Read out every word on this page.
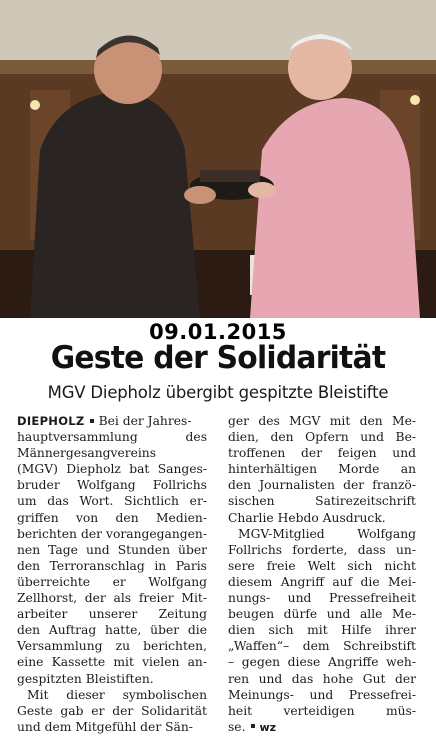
09.01.2015
Geste der Solidarität
MGV Diepholz übergibt gespitzte Bleistifte
DIEPHOLZ Bei der Jahres-
hauptversammlung des
Männergesangvereins
(MGV) Diepholz bat Sanges-
bruder Wolfgang Follrichs
um das Wort. Sichtlich er-
griffen von den Medien-
berichten der vorangegangen-
nen Tage und Stunden über
den Terroranschlag in Paris
überreichte er Wolfgang
Zellhorst, der als freier Mit-
arbeiter unserer Zeitung
den Auftrag hatte, über die
Versammlung zu berichten,
eine Kassette mit vielen an-
gespitzten Bleistiften.
Mit dieser symbolischen
Geste gab er der Solidarität
und dem Mitgefühl der Sän-
ger des MGV mit den Me-
dien, den Opfern und Be-
troffenen der feigen und
hinterhältigen Morde an
den Journalisten der franzö-
sischen Satirezeitschrift
Charlie Hebdo Ausdruck.
MGV-Mitglied Wolfgang
Follrichs forderte, dass un-
sere freie Welt sich nicht
diesem Angriff auf die Mei-
nungs- und Pressefreiheit
beugen dürfe und alle Me-
dien sich mit Hilfe ihrer
„Waffen“– dem Schreibstift
– gegen diese Angriffe weh-
ren und das hohe Gut der
Meinungs- und Pressefrei-
heit verteidigen müs-
se. wz
